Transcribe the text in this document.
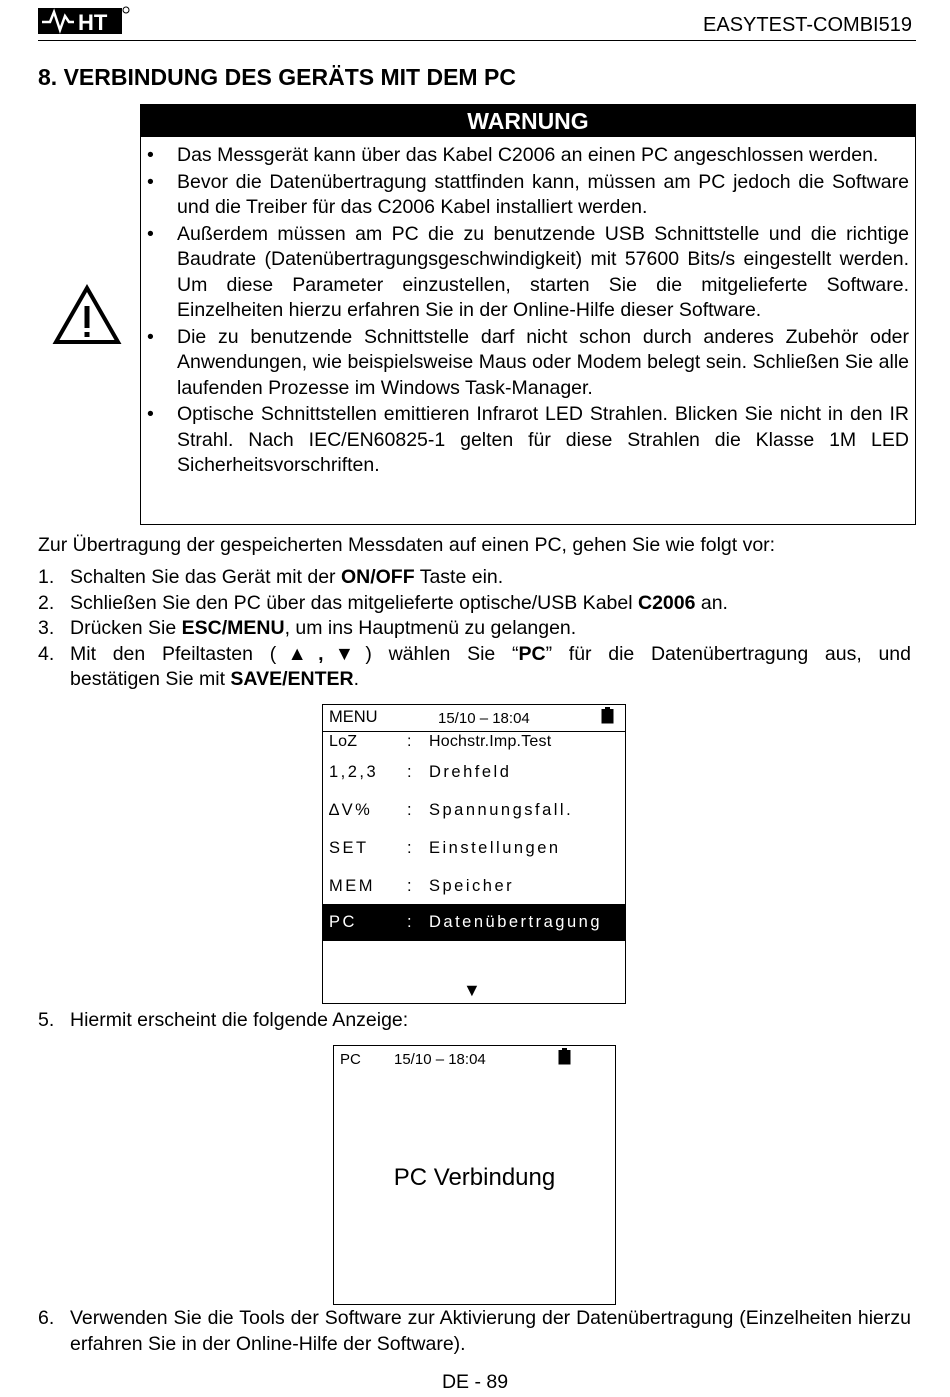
HT	EASYTEST-COMBI519
8. VERBINDUNG DES GERÄTS MIT DEM PC
WARNUNG
• Das Messgerät kann über das Kabel C2006 an einen PC angeschlossen werden.
• Bevor die Datenübertragung stattfinden kann, müssen am PC jedoch die Software und die Treiber für das C2006 Kabel installiert werden.
• Außerdem müssen am PC die zu benutzende USB Schnittstelle und die richtige Baudrate (Datenübertragungsgeschwindigkeit) mit 57600 Bits/s eingestellt werden. Um diese Parameter einzustellen, starten Sie die mitgelieferte Software. Einzelheiten hierzu erfahren Sie in der Online-Hilfe dieser Software.
• Die zu benutzende Schnittstelle darf nicht schon durch anderes Zubehör oder Anwendungen, wie beispielsweise Maus oder Modem belegt sein. Schließen Sie alle laufenden Prozesse im Windows Task-Manager.
• Optische Schnittstellen emittieren Infrarot LED Strahlen. Blicken Sie nicht in den IR Strahl. Nach IEC/EN60825-1 gelten für diese Strahlen die Klasse 1M LED Sicherheitsvorschriften.
Zur Übertragung der gespeicherten Messdaten auf einen PC, gehen Sie wie folgt vor:
1. Schalten Sie das Gerät mit der ON/OFF Taste ein.
2. Schließen Sie den PC über das mitgelieferte optische/USB Kabel C2006 an.
3. Drücken Sie ESC/MENU, um ins Hauptmenü zu gelangen.
4. Mit den Pfeiltasten (▲,▼) wählen Sie “PC” für die Datenübertragung aus, und
bestätigen Sie mit SAVE/ENTER.
MENU	15/10 – 18:04
LoZ	: Hochstr.Imp.Test
1,2,3 : Drehfeld
∆V% : Spannungsfall.
SET : Einstellungen
MEM : Speicher
PC	: Datenübertragung
▼
5. Hiermit erscheint die folgende Anzeige:
PC 15/10 – 18:04
PC Verbindung
6. Verwenden Sie die Tools der Software zur Aktivierung der Datenübertragung (Einzelheiten hierzu erfahren Sie in der Online-Hilfe der Software).
DE - 89
